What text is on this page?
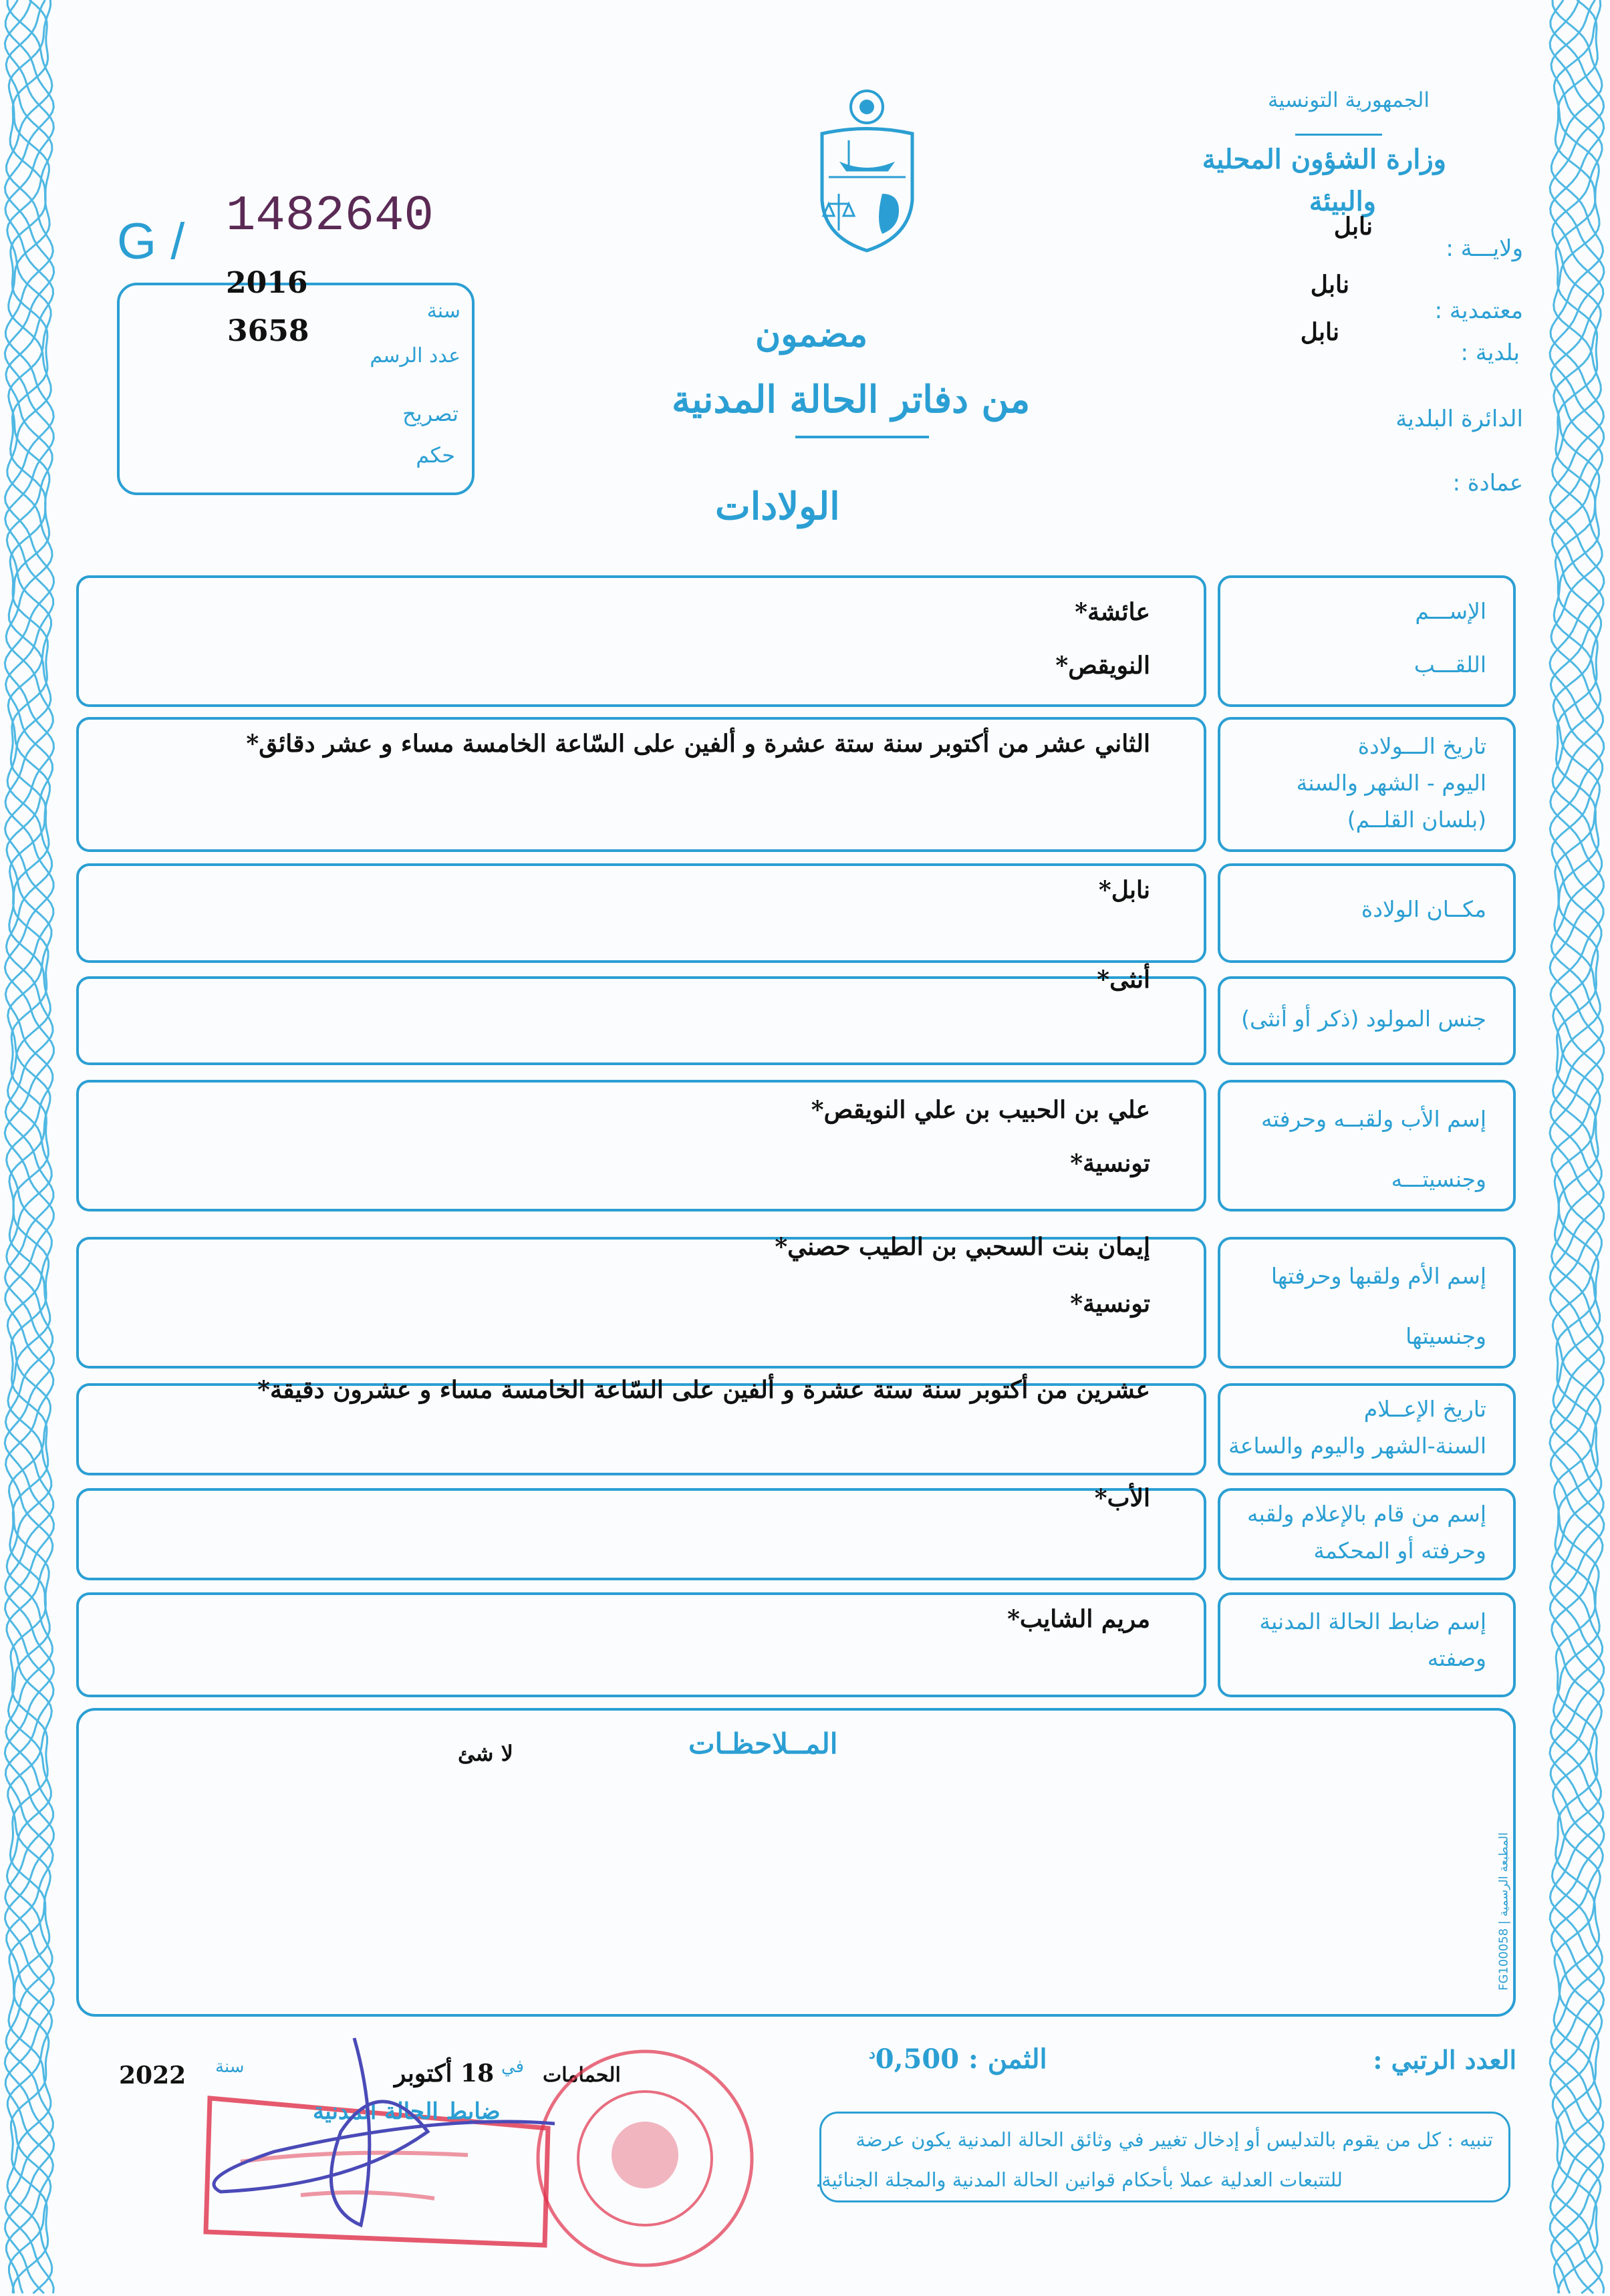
الجمهورية التونسية
وزارة الشؤون المحلية
والبيئة
ولايـــة :
نابل
معتمدية :
نابل
بلدية :
نابل
الدائرة البلدية
عمادة :
مضمون
من دفاتر الحالة المدنية
الولادات
G / 1482640
2016
سنة
3658
عدد الرسم
تصريح
حكم
عائشة*
النويقص*
الإســـم
اللقـــب
الثاني عشر من أكتوبر سنة ستة عشرة و ألفين على السّاعة الخامسة مساء و عشر دقائق*	تاريخ الـــولادة
اليوم - الشهر والسنة
(بلسان القلــم)
نابل*
مكــان الولادة
أنثى*
جنس المولود (ذكر أو أنثى)
علي بن الحبيب بن علي النويقص*
تونسية*
إسم الأب ولقبــه وحرفته
وجنسيتـــه
إيمان بنت السحبي بن الطيب حصني*
تونسية*
إسم الأم ولقبها وحرفتها
وجنسيتها
عشرين من أكتوبر سنة ستة عشرة و ألفين على السّاعة الخامسة مساء و عشرون دقيقة*
تاريخ الإعــلام
السنة-الشهر واليوم والساعة
الأب*
إسم من قام بالإعلام ولقبه
وحرفته أو المحكمة
مريم الشايب*	إسم ضابط الحالة المدنية
وصفته
المــلاحظـات
لا شئ
المطبعة الرسمية | FG100058
العدد الرتبي :
الثمن : $0,500^د$
تنبيه : كل من يقوم بالتدليس أو إدخال تغيير في وثائق الحالة المدنية يكون عرضة
للتتبعات العدلية عملا بأحكام قوانين الحالة المدنية والمجلة الجنائية.
الحمامات
في
18 أكتوبر
سنة
2022
ضابط الحالة المدنية
